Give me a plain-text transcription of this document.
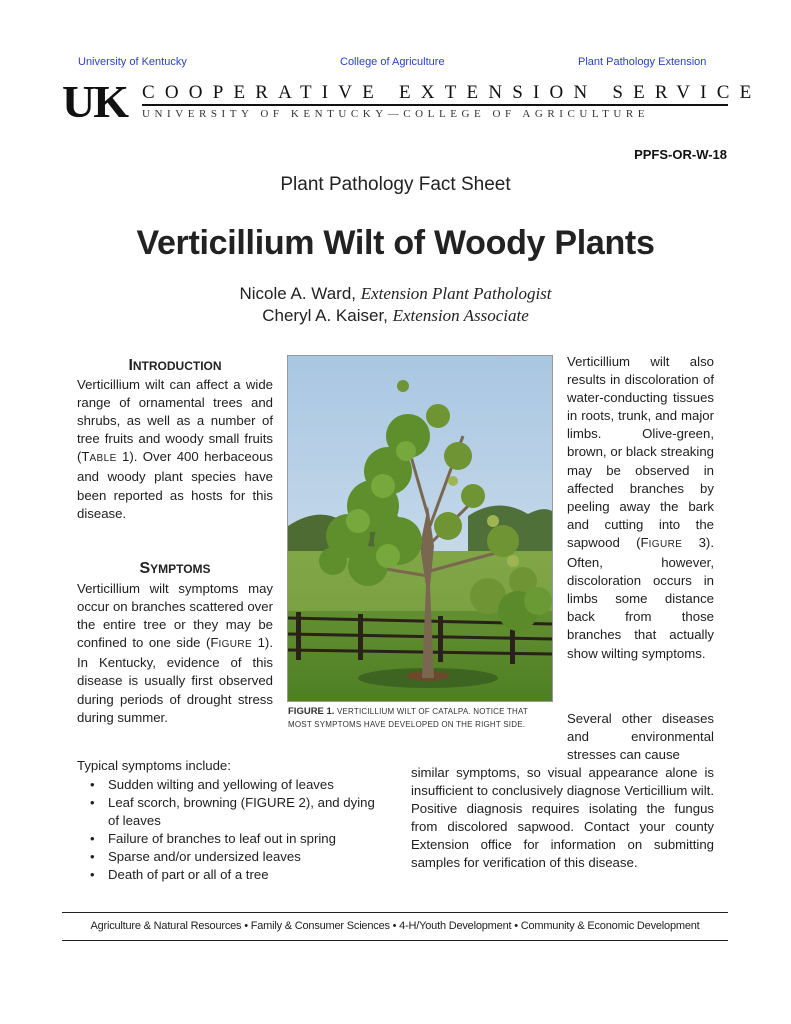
University of Kentucky	College of Agriculture	Plant Pathology Extension
UK COOPERATIVE EXTENSION SERVICE
UNIVERSITY OF KENTUCKY—COLLEGE OF AGRICULTURE
PPFS-OR-W-18
Plant Pathology Fact Sheet
Verticillium Wilt of Woody Plants
Nicole A. Ward, Extension Plant Pathologist
Cheryl A. Kaiser, Extension Associate
INTRODUCTION
Verticillium wilt can affect a wide range of ornamental trees and shrubs, as well as a number of tree fruits and woody small fruits (TABLE 1). Over 400 herbaceous and woody plant species have been reported as hosts for this disease.
SYMPTOMS
Verticillium wilt symptoms may occur on branches scattered over the entire tree or they may be confined to one side (FIGURE 1). In Kentucky, evidence of this disease is usually first observed during periods of drought stress during summer.	FIGURE 1. VERTICILLIUM WILT OF CATALPA. NOTICE THAT MOST SYMPTOMS HAVE DEVELOPED ON THE RIGHT SIDE.
Verticillium wilt also results in discoloration of water-conducting tissues in roots, trunk, and major limbs. Olive-green, brown, or black streaking may be observed in affected branches by peeling away the bark and cutting into the sapwood (FIGURE 3). Often, however, discoloration occurs in limbs some distance back from those branches that actually show wilting symptoms.
Several other diseases and environmental stresses can cause
similar symptoms, so visual appearance alone is insufficient to conclusively diagnose Verticillium wilt. Positive diagnosis requires isolating the fungus from discolored sapwood. Contact your county Extension office for information on submitting samples for verification of this disease.
Typical symptoms include:
• Sudden wilting and yellowing of leaves
• Leaf scorch, browning (FIGURE 2), and dying of leaves
• Failure of branches to leaf out in spring
• Sparse and/or undersized leaves
• Death of part or all of a tree
Agriculture & Natural Resources • Family & Consumer Sciences • 4-H/Youth Development • Community & Economic Development
